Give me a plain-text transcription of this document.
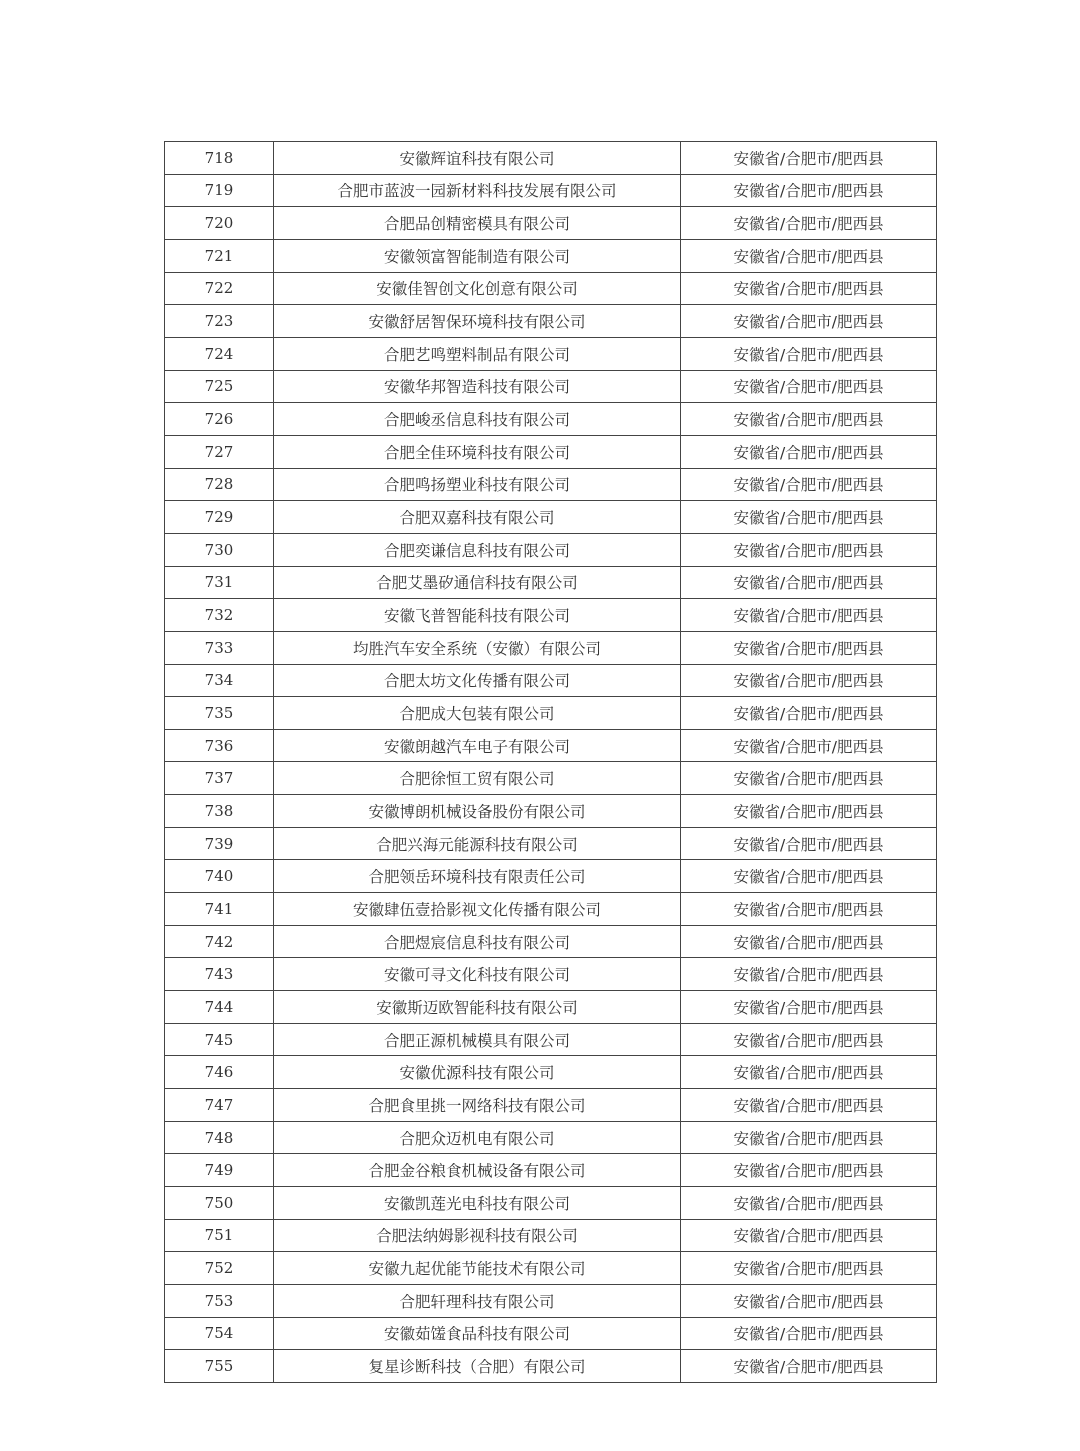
718	安徽辉谊科技有限公司	安徽省/合肥市/肥西县
719	合肥市蓝波一园新材料科技发展有限公司	安徽省/合肥市/肥西县
720	合肥品创精密模具有限公司	安徽省/合肥市/肥西县
721	安徽领富智能制造有限公司	安徽省/合肥市/肥西县
722	安徽佳智创文化创意有限公司	安徽省/合肥市/肥西县
723	安徽舒居智保环境科技有限公司	安徽省/合肥市/肥西县
724	合肥艺鸣塑料制品有限公司	安徽省/合肥市/肥西县
725	安徽华邦智造科技有限公司	安徽省/合肥市/肥西县
726	合肥峻丞信息科技有限公司	安徽省/合肥市/肥西县
727	合肥全佳环境科技有限公司	安徽省/合肥市/肥西县
728	合肥鸣扬塑业科技有限公司	安徽省/合肥市/肥西县
729	合肥双嘉科技有限公司	安徽省/合肥市/肥西县
730	合肥奕谦信息科技有限公司	安徽省/合肥市/肥西县
731	合肥艾墨矽通信科技有限公司	安徽省/合肥市/肥西县
732	安徽飞普智能科技有限公司	安徽省/合肥市/肥西县
733	均胜汽车安全系统（安徽）有限公司	安徽省/合肥市/肥西县
734	合肥太坊文化传播有限公司	安徽省/合肥市/肥西县
735	合肥成大包装有限公司	安徽省/合肥市/肥西县
736	安徽朗越汽车电子有限公司	安徽省/合肥市/肥西县
737	合肥徐恒工贸有限公司	安徽省/合肥市/肥西县
738	安徽博朗机械设备股份有限公司	安徽省/合肥市/肥西县
739	合肥兴海元能源科技有限公司	安徽省/合肥市/肥西县
740	合肥领岳环境科技有限责任公司	安徽省/合肥市/肥西县
741	安徽肆伍壹拾影视文化传播有限公司	安徽省/合肥市/肥西县
742	合肥煜宸信息科技有限公司	安徽省/合肥市/肥西县
743	安徽可寻文化科技有限公司	安徽省/合肥市/肥西县
744	安徽斯迈欧智能科技有限公司	安徽省/合肥市/肥西县
745	合肥正源机械模具有限公司	安徽省/合肥市/肥西县
746	安徽优源科技有限公司	安徽省/合肥市/肥西县
747	合肥食里挑一网络科技有限公司	安徽省/合肥市/肥西县
748	合肥众迈机电有限公司	安徽省/合肥市/肥西县
749	合肥金谷粮食机械设备有限公司	安徽省/合肥市/肥西县
750	安徽凯莲光电科技有限公司	安徽省/合肥市/肥西县
751	合肥法纳姆影视科技有限公司	安徽省/合肥市/肥西县
752	安徽九起优能节能技术有限公司	安徽省/合肥市/肥西县
753	合肥轩理科技有限公司	安徽省/合肥市/肥西县
754	安徽茹馐食品科技有限公司	安徽省/合肥市/肥西县
755	复星诊断科技（合肥）有限公司	安徽省/合肥市/肥西县
